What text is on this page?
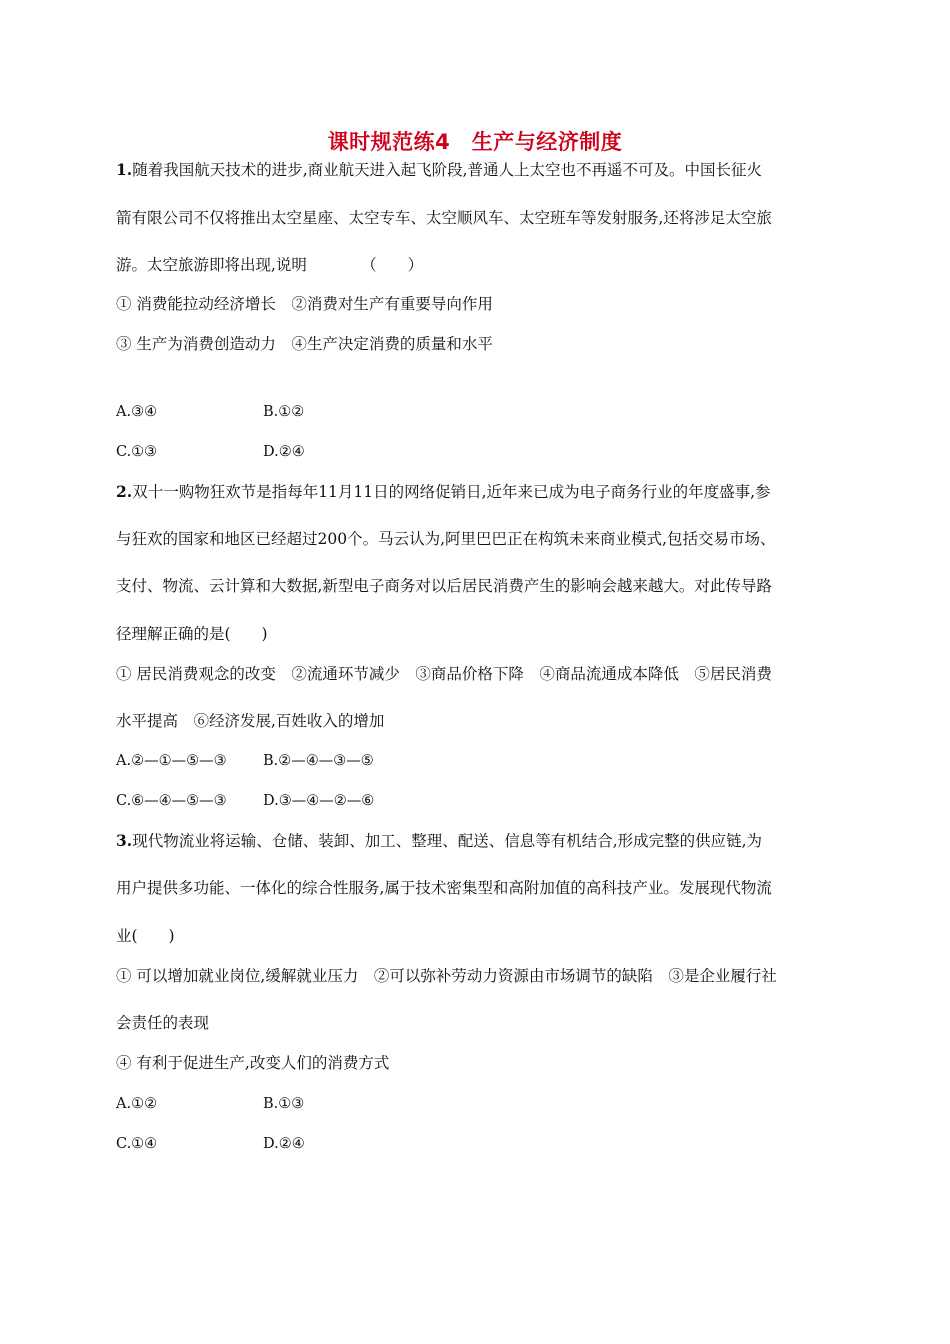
课时规范练4　生产与经济制度
1.随着我国航天技术的进步,商业航天进入起飞阶段,普通人上太空也不再遥不可及。中国长征火
箭有限公司不仅将推出太空星座、太空专车、太空顺风车、太空班车等发射服务,还将涉足太空旅
游。太空旅游即将出现,说明　　　　（　　）
① 消费能拉动经济增长　②消费对生产有重要导向作用
③ 生产为消费创造动力　④生产决定消费的质量和水平
A.③④	B.①②
C.①③	D.②④
2.双十一购物狂欢节是指每年11月11日的网络促销日,近年来已成为电子商务行业的年度盛事,参
与狂欢的国家和地区已经超过200个。马云认为,阿里巴巴正在构筑未来商业模式,包括交易市场、
支付、物流、云计算和大数据,新型电子商务对以后居民消费产生的影响会越来越大。对此传导路
径理解正确的是(　　)
① 居民消费观念的改变　②流通环节减少　③商品价格下降　④商品流通成本降低　⑤居民消费
水平提高　⑥经济发展,百姓收入的增加
A.②—①—⑤—③	B.②—④—③—⑤
C.⑥—④—⑤—③	D.③—④—②—⑥
3.现代物流业将运输、仓储、装卸、加工、整理、配送、信息等有机结合,形成完整的供应链,为
用户提供多功能、一体化的综合性服务,属于技术密集型和高附加值的高科技产业。发展现代物流
业(　　)
① 可以增加就业岗位,缓解就业压力　②可以弥补劳动力资源由市场调节的缺陷　③是企业履行社
会责任的表现
④ 有利于促进生产,改变人们的消费方式
A.①②	B.①③
C.①④	D.②④
